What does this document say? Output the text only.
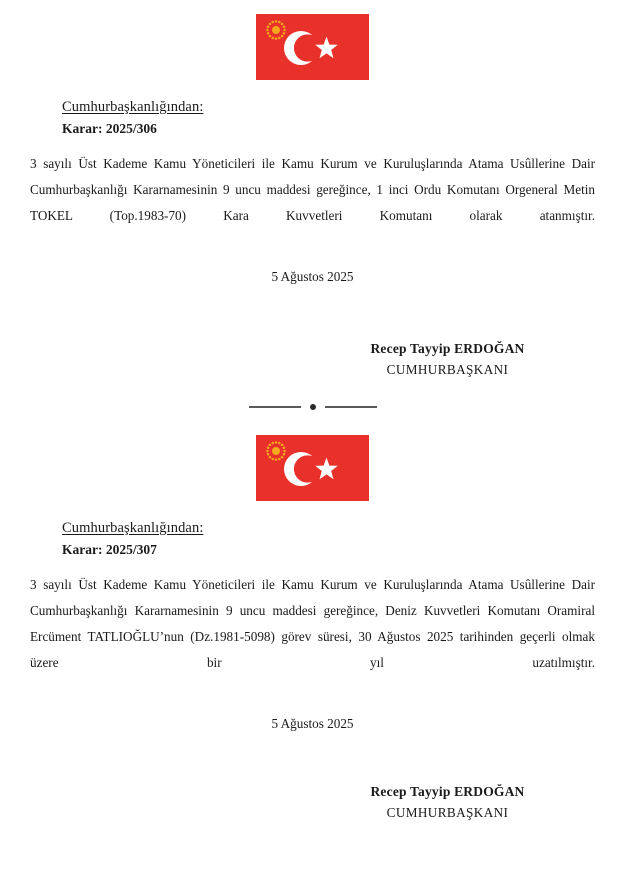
Cumhurbaşkanlığından:
Karar: 2025/306
3 sayılı Üst Kademe Kamu Yöneticileri ile Kamu Kurum ve Kuruluşlarında Atama Usûllerine Dair Cumhurbaşkanlığı Kararnamesinin 9 uncu maddesi gereğince, 1 inci Ordu Komutanı Orgeneral Metin TOKEL (Top.1983-70) Kara Kuvvetleri Komutanı olarak atanmıştır.
5 Ağustos 2025
Recep Tayyip ERDOĞAN
CUMHURBAŞKANI
Cumhurbaşkanlığından:
Karar: 2025/307
3 sayılı Üst Kademe Kamu Yöneticileri ile Kamu Kurum ve Kuruluşlarında Atama Usûllerine Dair Cumhurbaşkanlığı Kararnamesinin 9 uncu maddesi gereğince, Deniz Kuvvetleri Komutanı Oramiral Ercüment TATLIOĞLU’nun (Dz.1981-5098) görev süresi, 30 Ağustos 2025 tarihinden geçerli olmak üzere bir yıl uzatılmıştır.
5 Ağustos 2025
Recep Tayyip ERDOĞAN
CUMHURBAŞKANI
